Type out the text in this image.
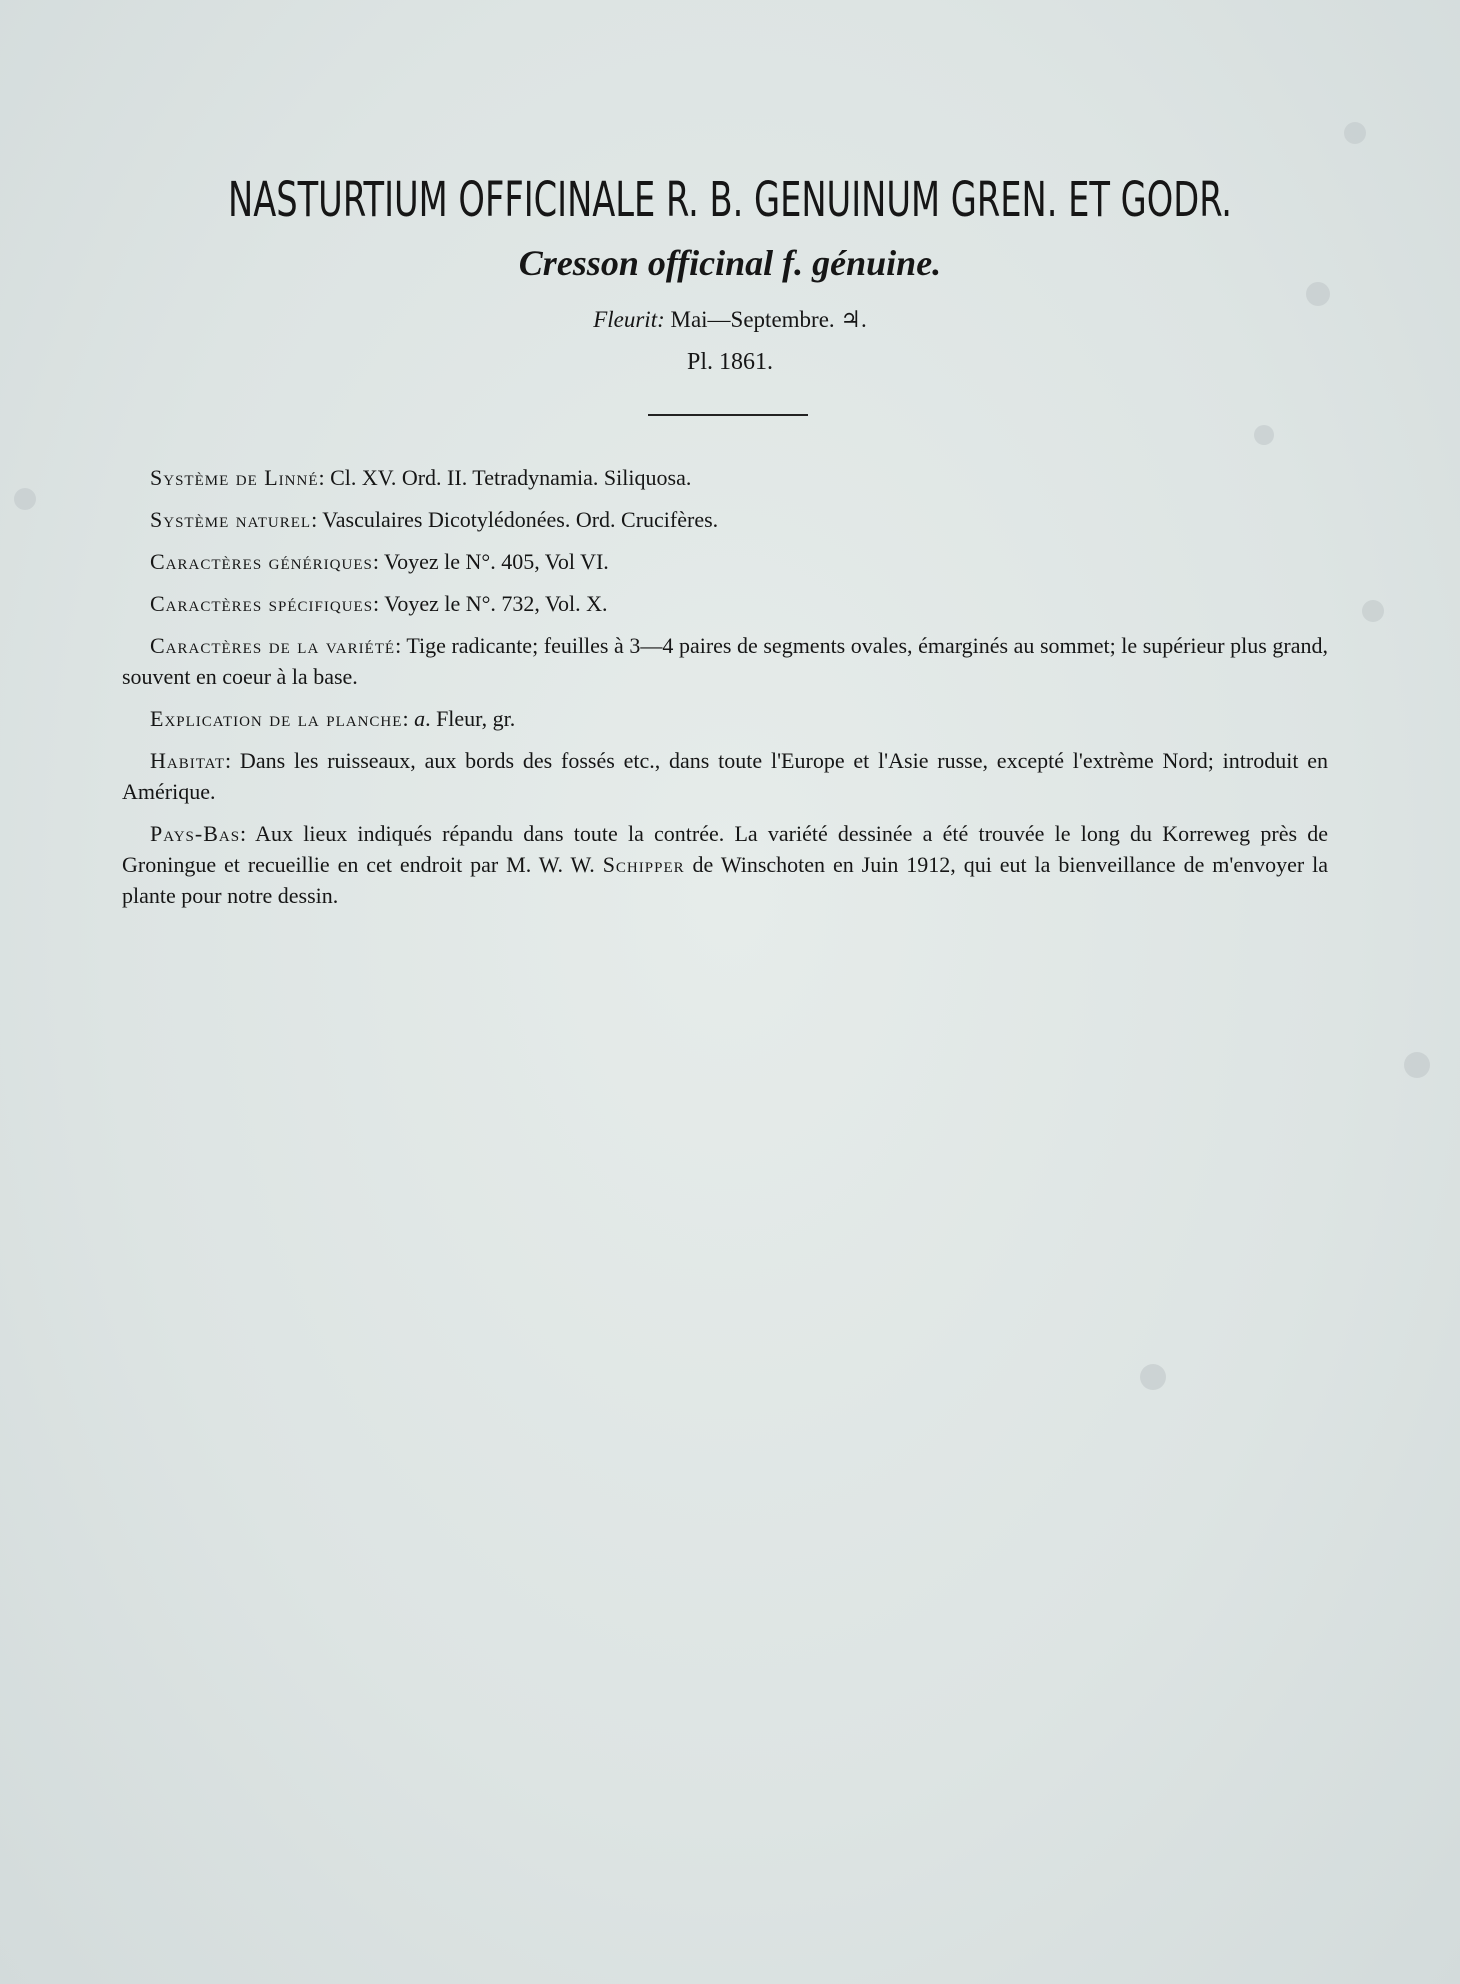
NASTURTIUM OFFICINALE R. B. GENUINUM GREN. ET GODR.
Cresson officinal f. génuine.
Fleurit: Mai—Septembre. ♃.
Pl. 1861.

Système de Linné: Cl. XV. Ord. II. Tetradynamia. Siliquosa.

Système naturel: Vasculaires Dicotylédonées. Ord. Crucifères.

Caractères génériques: Voyez le N°. 405, Vol VI.

Caractères spécifiques: Voyez le N°. 732, Vol. X.

Caractères de la variété: Tige radicante; feuilles à 3—4 paires de segments ovales, émarginés au sommet; le supérieur plus grand, souvent en coeur à la base.

Explication de la planche: a. Fleur, gr.

Habitat: Dans les ruisseaux, aux bords des fossés etc., dans toute l'Europe et l'Asie russe, excepté l'extrème Nord; introduit en Amérique.

Pays-Bas: Aux lieux indiqués répandu dans toute la contrée. La variété dessinée a été trouvée le long du Korreweg près de Groningue et recueillie en cet endroit par M. W. W. Schipper de Winschoten en Juin 1912, qui eut la bienveillance de m'envoyer la plante pour notre dessin.
